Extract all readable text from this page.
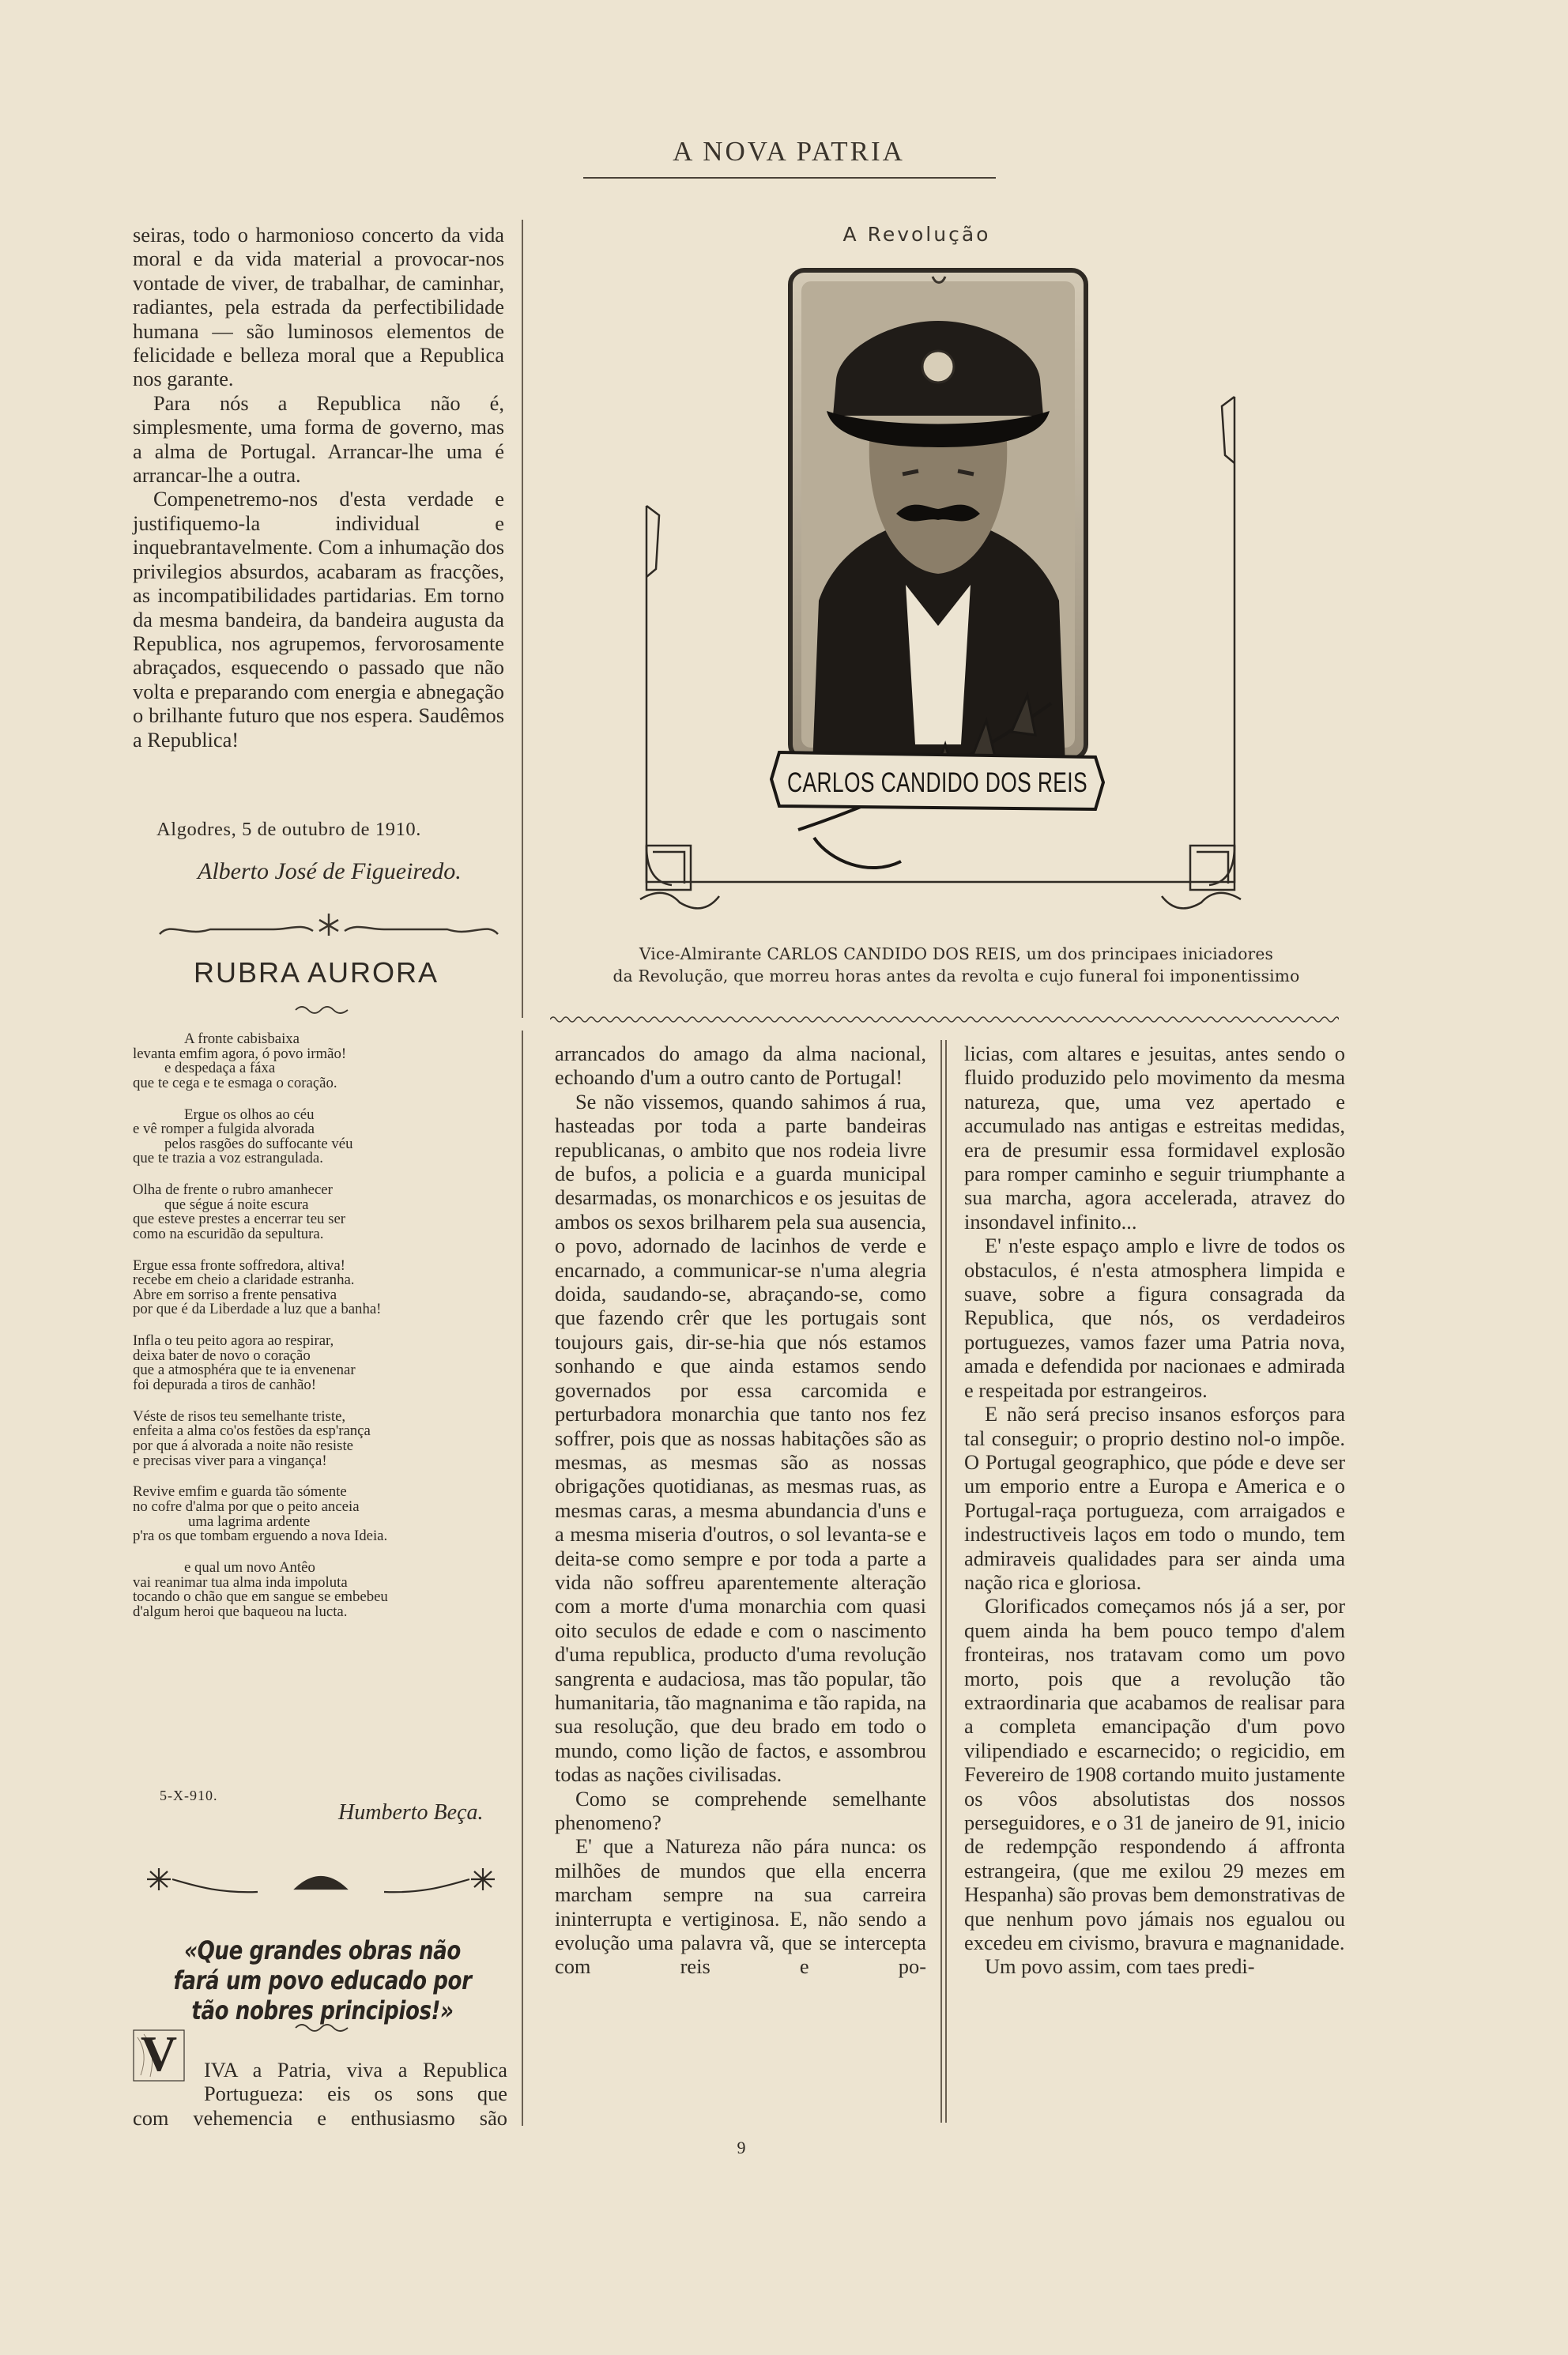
A NOVA PATRIA

seiras, todo o harmonioso concerto da vida moral e da vida material a provocar-nos vontade de viver, de trabalhar, de caminhar, radiantes, pela estrada da perfectibilidade humana — são luminosos elementos de felicidade e belleza moral que a Republica nos garante.

Para nós a Republica não é, simplesmente, uma forma de governo, mas a alma de Portugal. Arrancar-lhe uma é arrancar-lhe a outra.

Compenetremo-nos d'esta verdade e justifiquemo-la individual e inquebrantavelmente. Com a inhumação dos privilegios absurdos, acabaram as fracções, as incompatibilidades partidarias. Em torno da mesma bandeira, da bandeira augusta da Republica, nos agrupemos, fervorosamente abraçados, esquecendo o passado que não volta e preparando com energia e abnegação o brilhante futuro que nos espera. Saudêmos a Republica!

Algodres, 5 de outubro de 1910.
Alberto José de Figueiredo.
RUBRA AURORA
A fronte cabisbaixa
levanta emfim agora, ó povo irmão!
e despedaça a fáxa
que te cega e te esmaga o coração.
Ergue os olhos ao céu
e vê romper a fulgida alvorada
pelos rasgões do suffocante véu
que te trazia a voz estrangulada.
Olha de frente o rubro amanhecer
que ségue á noite escura
que esteve prestes a encerrar teu ser
como na escuridão da sepultura.
Ergue essa fronte soffredora, altiva!
recebe em cheio a claridade estranha.
Abre em sorriso a frente pensativa
por que é da Liberdade a luz que a banha!
Infla o teu peito agora ao respirar,
deixa bater de novo o coração
que a atmosphéra que te ia envenenar
foi depurada a tiros de canhão!
Véste de risos teu semelhante triste,
enfeita a alma co'os festões da esp'rança
por que á alvorada a noite não resiste
e precisas viver para a vingança!
Revive emfim e guarda tão sómente
no cofre d'alma por que o peito anceia
uma lagrima ardente
p'ra os que tombam erguendo a nova Ideia.
e qual um novo Antêo
vai reanimar tua alma inda impoluta
tocando o chão que em sangue se embebeu
d'algum heroi que baqueou na lucta.
5-X-910.
Humberto Beça.
«Que grandes obras não fará um povo educado por tão nobres principios!»
V	IVA a Patria, viva a Republica
Portugueza: eis os sons que
com vehemencia e enthusiasmo são
A Revolução
CARLOS CANDIDO DOS REIS
Vice-Almirante CARLOS CANDIDO DOS REIS, um dos principaes iniciadores
da Revolução, que morreu horas antes da revolta e cujo funeral foi imponentissimo

arrancados do amago da alma nacional, echoando d'um a outro canto de Portugal!

Se não vissemos, quando sahimos á rua, hasteadas por toda a parte bandeiras republicanas, o ambito que nos rodeia livre de bufos, a policia e a guarda municipal desarmadas, os monarchicos e os jesuitas de ambos os sexos brilharem pela sua ausencia, o povo, adornado de lacinhos de verde e encarnado, a communicar-se n'uma alegria doida, saudando-se, abraçando-se, como que fazendo crêr que les portugais sont toujours gais, dir-se-hia que nós estamos sonhando e que ainda estamos sendo governados por essa carcomida e perturbadora monarchia que tanto nos fez soffrer, pois que as nossas habitações são as mesmas, as mesmas são as nossas obrigações quotidianas, as mesmas ruas, as mesmas caras, a mesma abundancia d'uns e a mesma miseria d'outros, o sol levanta-se e deita-se como sempre e por toda a parte a vida não soffreu aparentemente alteração com a morte d'uma monarchia com quasi oito seculos de edade e com o nascimento d'uma republica, producto d'uma revolução sangrenta e audaciosa, mas tão popular, tão humanitaria, tão magnanima e tão rapida, na sua resolução, que deu brado em todo o mundo, como lição de factos, e assombrou todas as nações civilisadas.

Como se comprehende semelhante phenomeno?

E' que a Natureza não pára nunca: os milhões de mundos que ella encerra marcham sempre na sua carreira ininterrupta e vertiginosa. E, não sendo a evolução uma palavra vã, que se intercepta com reis e po-

licias, com altares e jesuitas, antes sendo o fluido produzido pelo movimento da mesma natureza, que, uma vez apertado e accumulado nas antigas e estreitas medidas, era de presumir essa formidavel explosão para romper caminho e seguir triumphante a sua marcha, agora accelerada, atravez do insondavel infinito...

E' n'este espaço amplo e livre de todos os obstaculos, é n'esta atmosphera limpida e suave, sobre a figura consagrada da Republica, que nós, os verdadeiros portuguezes, vamos fazer uma Patria nova, amada e defendida por nacionaes e admirada e respeitada por estrangeiros.

E não será preciso insanos esforços para tal conseguir; o proprio destino nol-o impõe. O Portugal geographico, que póde e deve ser um emporio entre a Europa e America e o Portugal-raça portugueza, com arraigados e indestructiveis laços em todo o mundo, tem admiraveis qualidades para ser ainda uma nação rica e gloriosa.

Glorificados começamos nós já a ser, por quem ainda ha bem pouco tempo d'alem fronteiras, nos tratavam como um povo morto, pois que a revolução tão extraordinaria que acabamos de realisar para a completa emancipação d'um povo vilipendiado e escarnecido; o regicidio, em Fevereiro de 1908 cortando muito justamente os vôos absolutistas dos nossos perseguidores, e o 31 de janeiro de 91, inicio de redempção respondendo á affronta estrangeira, (que me exilou 29 mezes em Hespanha) são provas bem demonstrativas de que nenhum povo jámais nos egualou ou excedeu em civismo, bravura e magnanidade.

Um povo assim, com taes predi-

9
